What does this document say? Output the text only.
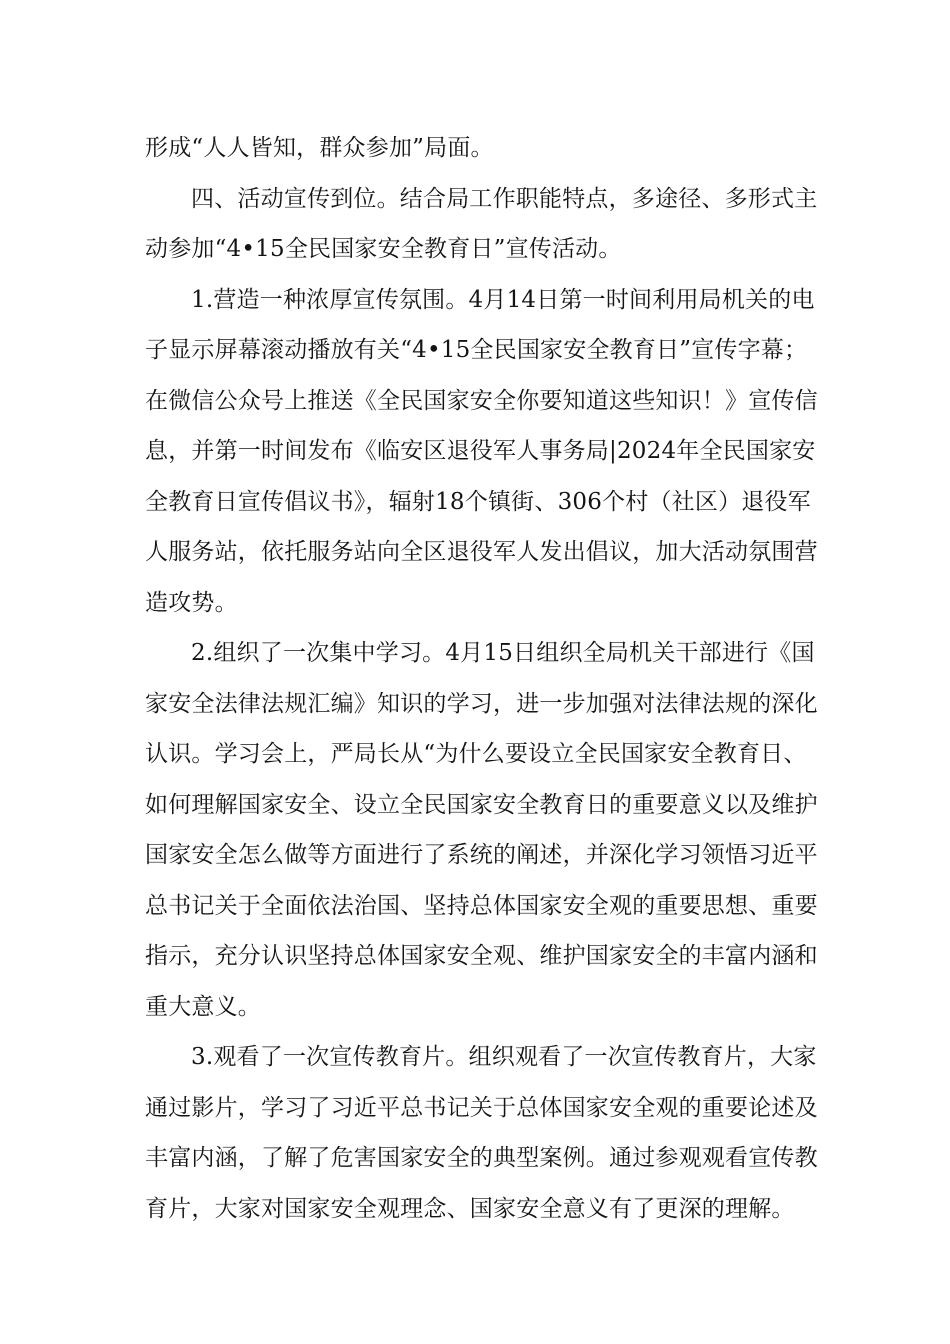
形成“人人皆知，群众参加”局面。
四、活动宣传到位。结合局工作职能特点，多途径、多形式主
动参加“4•15全民国家安全教育日”宣传活动。
1.营造一种浓厚宣传氛围。4月14日第一时间利用局机关的电
子显示屏幕滚动播放有关“4•15全民国家安全教育日”宣传字幕；
在微信公众号上推送《全民国家安全你要知道这些知识！》宣传信
息，并第一时间发布《临安区退役军人事务局|2024年全民国家安
全教育日宣传倡议书》，辐射18个镇街、306个村（社区）退役军
人服务站，依托服务站向全区退役军人发出倡议，加大活动氛围营
造攻势。
2.组织了一次集中学习。4月15日组织全局机关干部进行《国
家安全法律法规汇编》知识的学习，进一步加强对法律法规的深化
认识。学习会上，严局长从“为什么要设立全民国家安全教育日、
如何理解国家安全、设立全民国家安全教育日的重要意义以及维护
国家安全怎么做等方面进行了系统的阐述，并深化学习领悟习近平
总书记关于全面依法治国、坚持总体国家安全观的重要思想、重要
指示，充分认识坚持总体国家安全观、维护国家安全的丰富内涵和
重大意义。
3.观看了一次宣传教育片。组织观看了一次宣传教育片，大家
通过影片，学习了习近平总书记关于总体国家安全观的重要论述及
丰富内涵，了解了危害国家安全的典型案例。通过参观观看宣传教
育片，大家对国家安全观理念、国家安全意义有了更深的理解。
